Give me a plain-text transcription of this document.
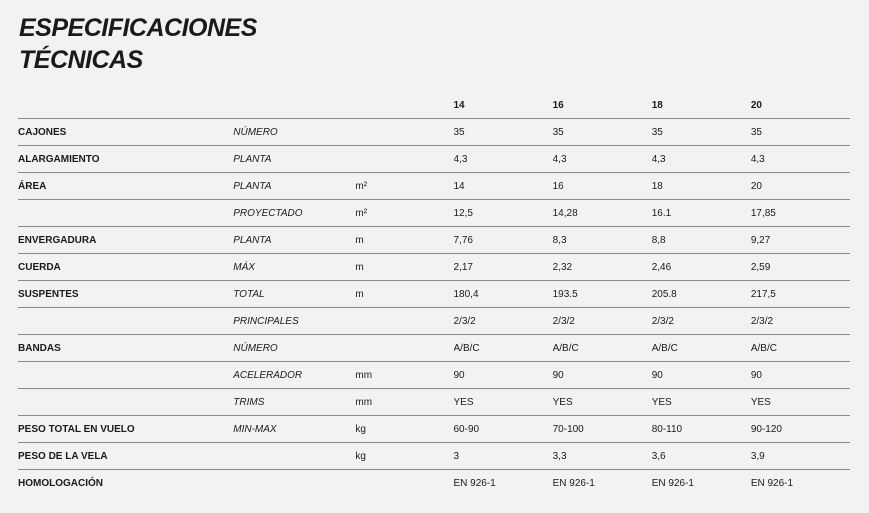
ESPECIFICACIONES
TÉCNICAS
			14	16	18	20
CAJONES	NÚMERO		35	35	35	35
ALARGAMIENTO	PLANTA		4,3	4,3	4,3	4,3
ÁREA	PLANTA	m²	14	16	18	20
	PROYECTADO	m²	12,5	14,28	16.1	17,85
ENVERGADURA	PLANTA	m	7,76	8,3	8,8	9,27
CUERDA	MÁX	m	2,17	2,32	2,46	2,59
SUSPENTES	TOTAL	m	180,4	193.5	205.8	217,5
	PRINCIPALES		2/3/2	2/3/2	2/3/2	2/3/2
BANDAS	NÚMERO		A/B/C	A/B/C	A/B/C	A/B/C
	ACELERADOR	mm	90	90	90	90
	TRIMS	mm	YES	YES	YES	YES
PESO TOTAL EN VUELO	MIN-MAX	kg	60-90	70-100	80-110	90-120
PESO DE LA VELA		kg	3	3,3	3,6	3,9
HOMOLOGACIÓN			EN 926-1	EN 926-1	EN 926-1	EN 926-1
